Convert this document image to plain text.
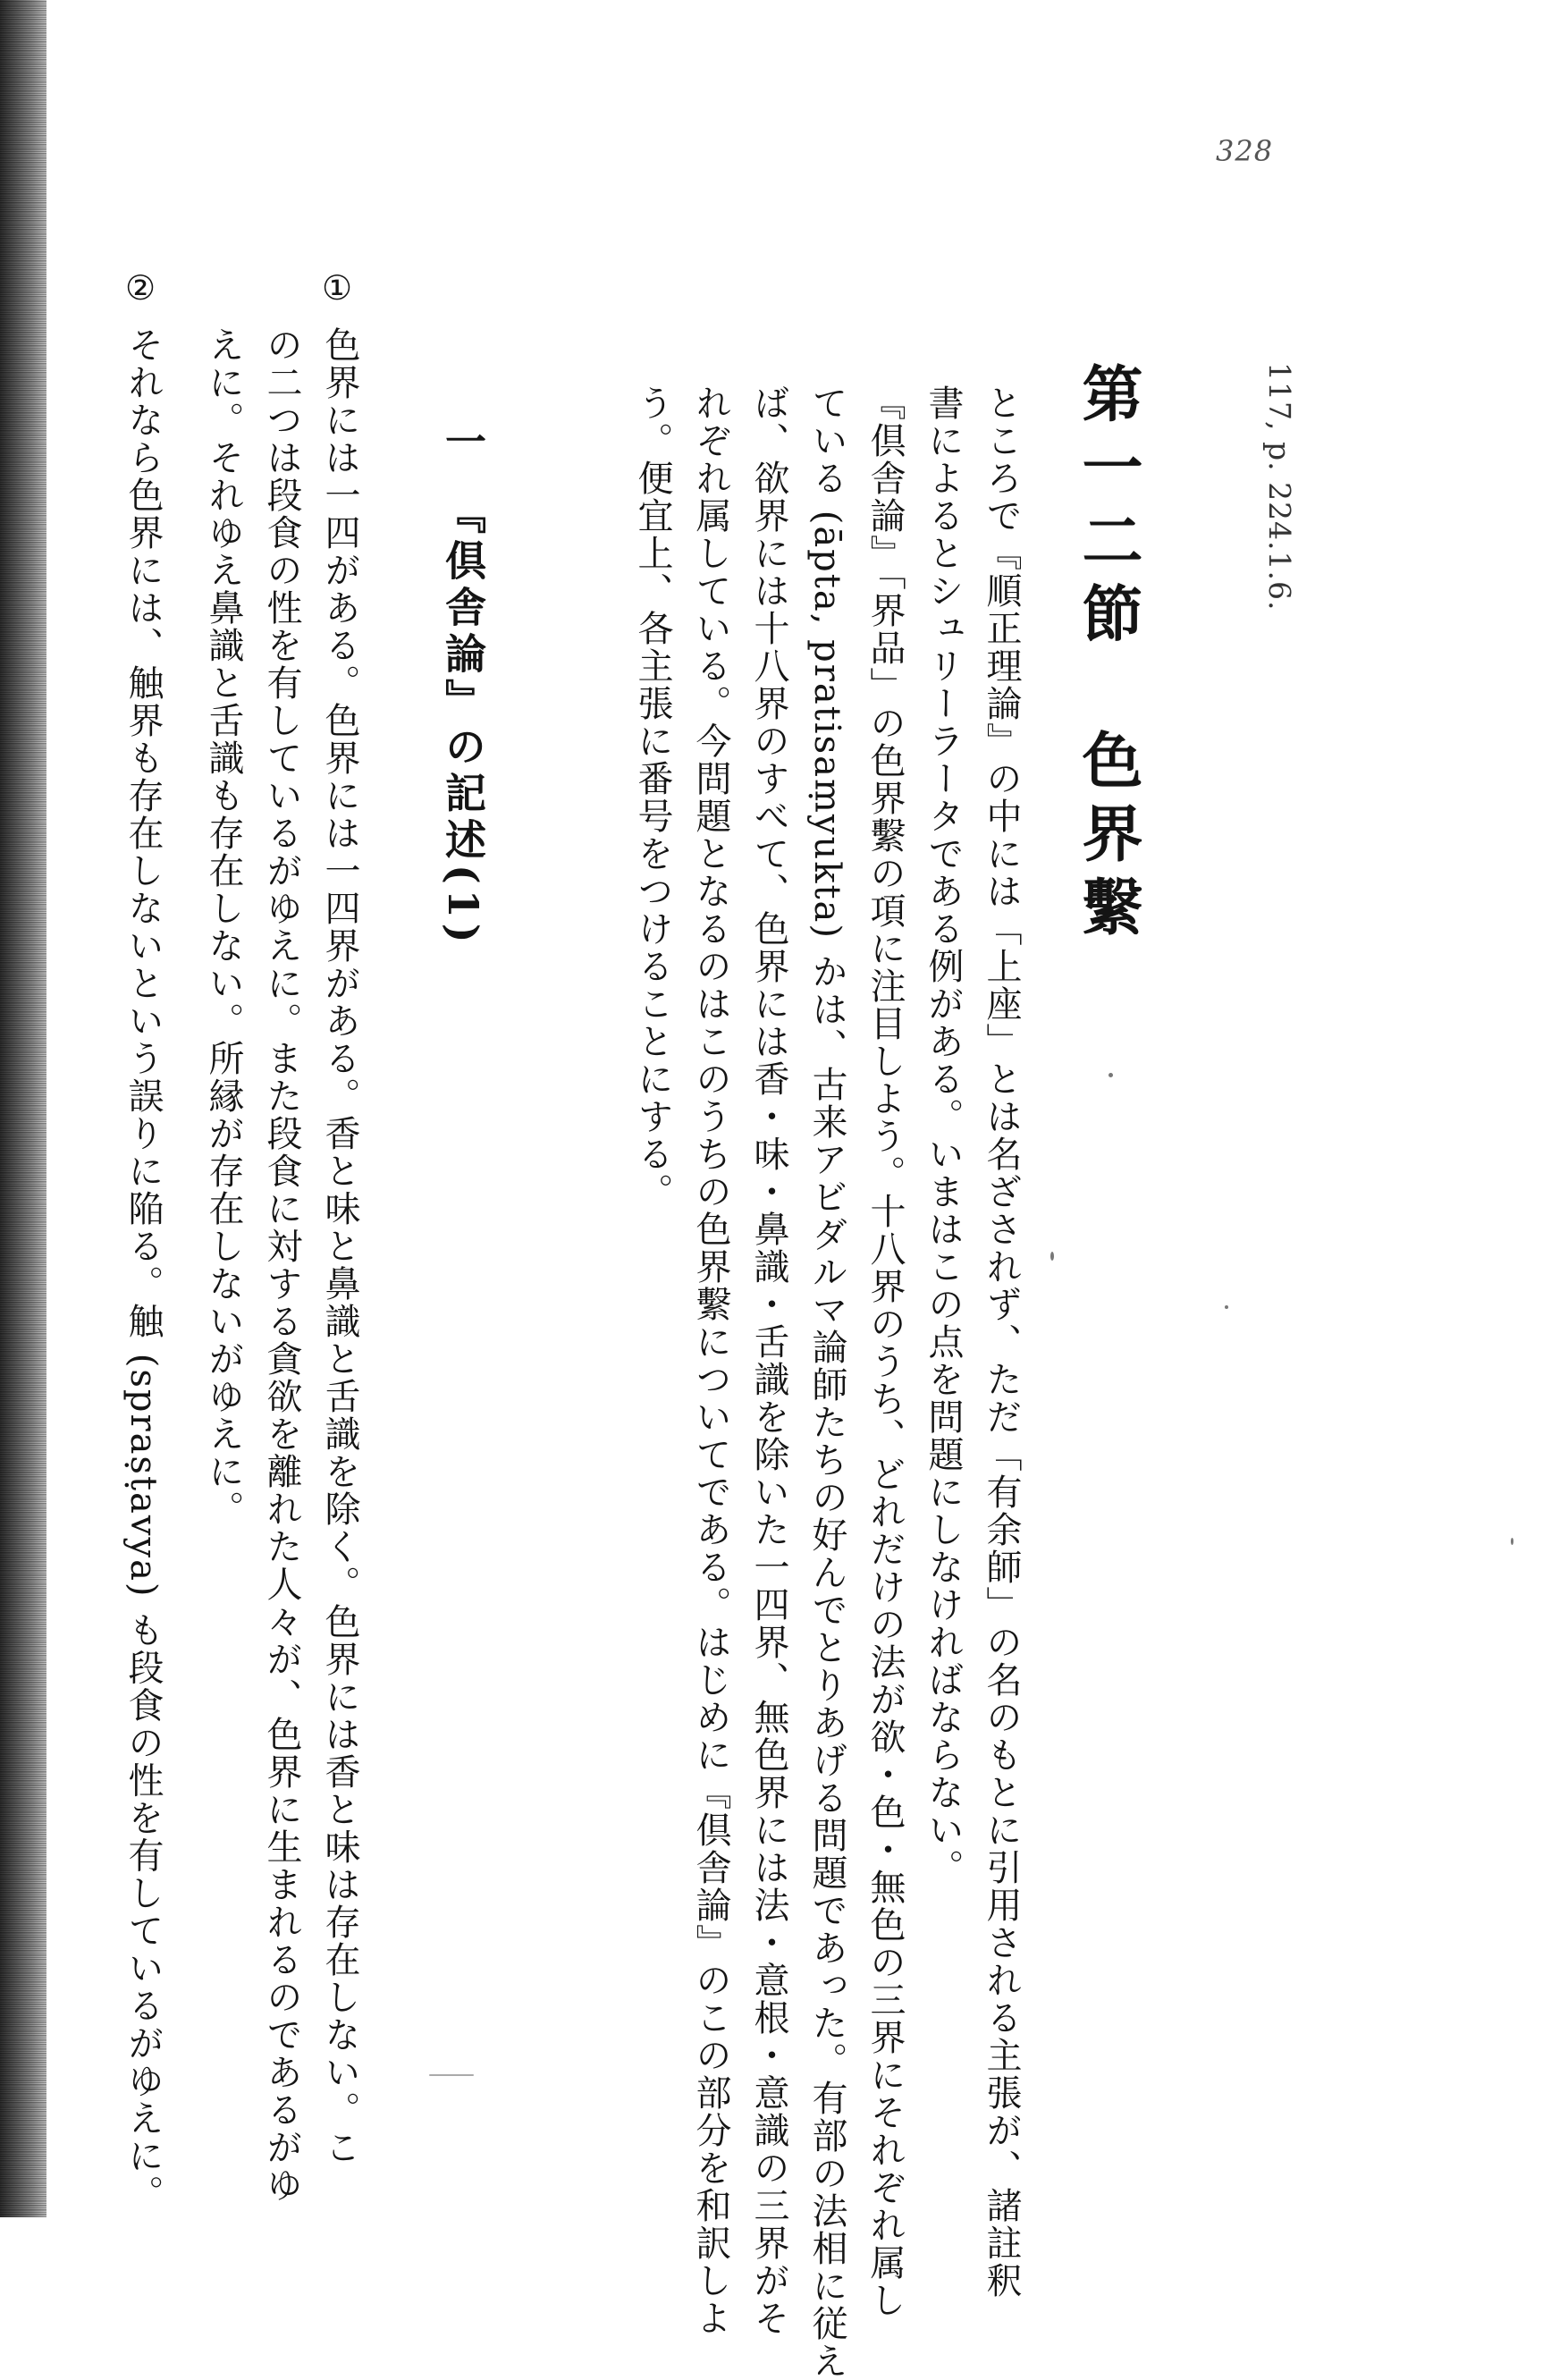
328
117, p. 224.1.6.
第一二節　色界繫

ところで『順正理論』の中には「上座」とは名ざされず、ただ「有余師」の名のもとに引用される主張が、諸註釈

書によるとシュリーラータである例がある。いまはこの点を問題にしなければならない。

『倶舎論』「界品」の色界繫の項に注目しよう。十八界のうち、どれだけの法が欲・色・無色の三界にそれぞれ属し

ている (āpta, pratisaṃyukta) かは、古来アビダルマ論師たちの好んでとりあげる問題であった。有部の法相に従え

ば、欲界には十八界のすべて、色界には香・味・鼻識・舌識を除いた一四界、無色界には法・意根・意識の三界がそ

れぞれ属している。今問題となるのはこのうちの色界繫についてである。はじめに『倶舎論』のこの部分を和訳しよ

う。便宜上、各主張に番号をつけることにする。

一　『倶舎論』の記述(1)
①

色界には一四がある。色界には一四界がある。香と味と鼻識と舌識を除く。色界には香と味は存在しない。こ

の二つは段食の性を有しているがゆえに。また段食に対する貪欲を離れた人々が、色界に生まれるのであるがゆ

えに。それゆえ鼻識と舌識も存在しない。所縁が存在しないがゆえに。

②

それなら色界には、触界も存在しないという誤りに陥る。触 (spraṣṭavya) も段食の性を有しているがゆえに。
